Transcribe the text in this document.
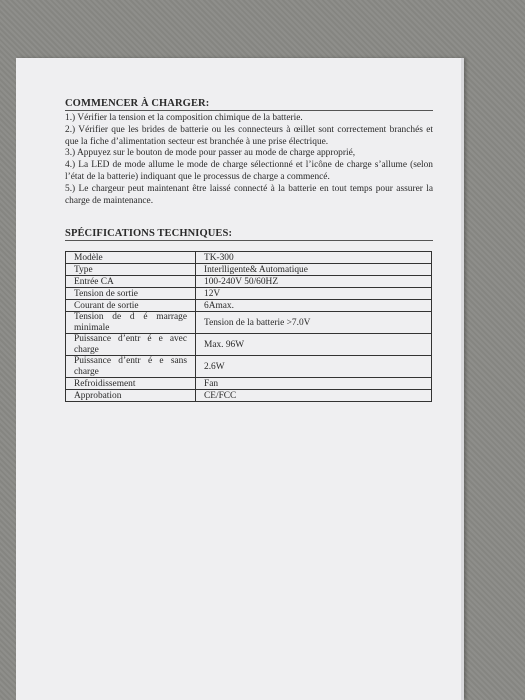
COMMENCER À CHARGER:

1.) Vérifier la tension et la composition chimique de la batterie.

2.) Vérifier que les brides de batterie ou les connecteurs à œillet sont correctement branchés et que la fiche d’alimentation secteur est branchée à une prise électrique.

3.) Appuyez sur le bouton de mode pour passer au mode de charge approprié,

4.) La LED de mode allume le mode de charge sélectionné et l’icône de charge s’allume (selon l’état de la batterie) indiquant que le processus de charge a commencé.

5.) Le chargeur peut maintenant être laissé connecté à la batterie en tout temps pour assurer la charge de maintenance.

SPÉCIFICATIONS TECHNIQUES:
Modèle	TK-300
Type	Interlligente& Automatique
Entrée CA	100-240V 50/60HZ
Tension de sortie	12V
Courant de sortie	6Amax.
Tension de d é marrage minimale	Tension de la batterie >7.0V
Puissance d’entr é e avec charge	Max. 96W
Puissance d’entr é e sans charge	2.6W
Refroidissement	Fan
Approbation	CE/FCC
